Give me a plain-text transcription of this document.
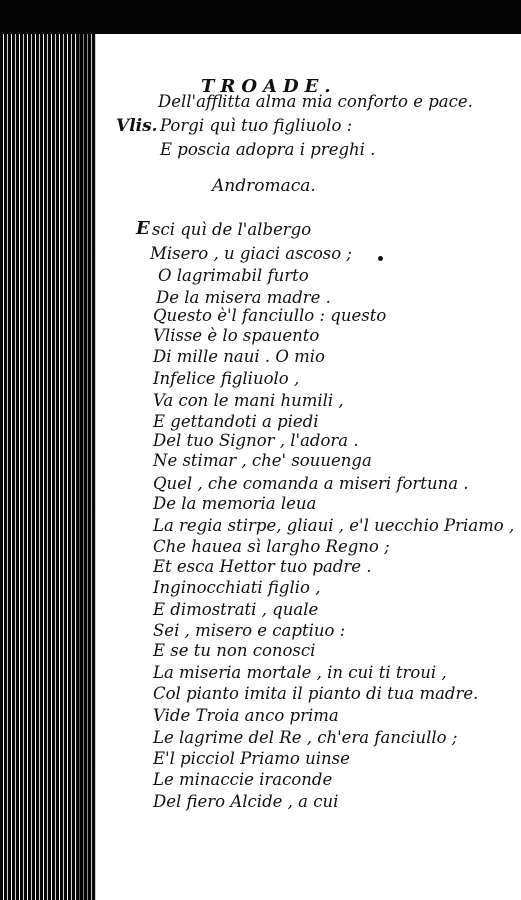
TROADE.
Dell'afflitta alma mia conforto e pace.
Vlis. Porgi quì tuo figliuolo :
E poscia adopra i preghi .
Andromaca.
E sci quì de l'albergo
Misero , u giaci ascoso ;
O lagrimabil furto
De la misera madre .
Questo è'l fanciullo : questo
Vlisse è lo spauento
Di mille naui . O mio
Infelice figliuolo ,
Va con le mani humili ,
E gettandoti a piedi
Del tuo Signor , l'adora .
Ne stimar , che' souuenga
Quel , che comanda a miseri fortuna .
De la memoria leua
La regia stirpe, gliaui , e'l uecchio Priamo ,
Che hauea sì largho Regno ;
Et esca Hettor tuo padre .
Inginocchiati figlio ,
E dimostrati , quale
Sei , misero e captiuo :
E se tu non conosci
La miseria mortale , in cui ti troui ,
Col pianto imita il pianto di tua madre.
Vide Troia anco prima
Le lagrime del Re , ch'era fanciullo ;
E'l picciol Priamo uinse
Le minaccie iraconde
Del fiero Alcide , a cui
